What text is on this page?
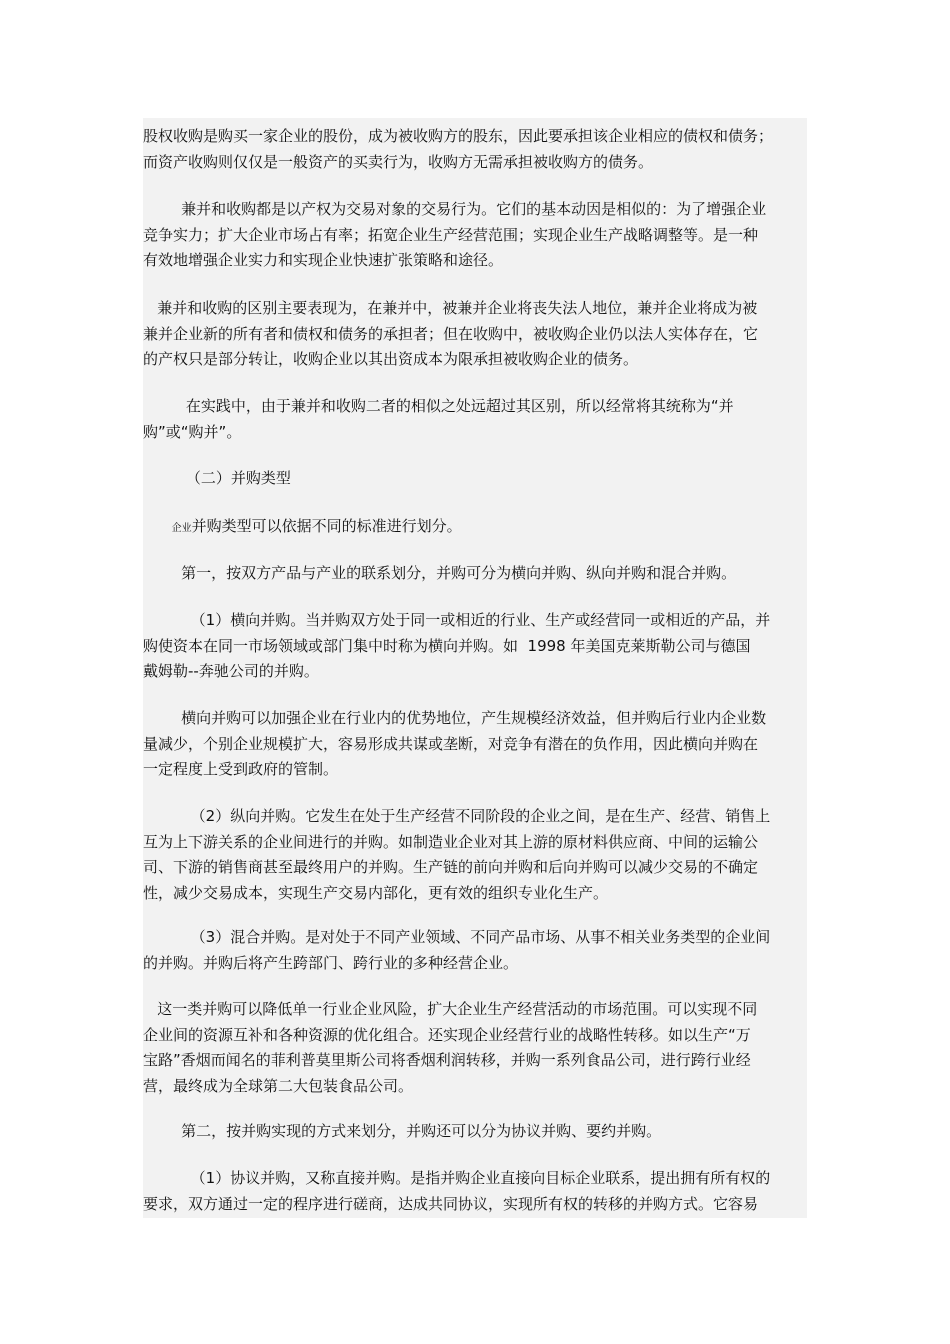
股权收购是购买一家企业的股份，成为被收购方的股东，因此要承担该企业相应的债权和债务；
而资产收购则仅仅是一般资产的买卖行为，收购方无需承担被收购方的债务。
兼并和收购都是以产权为交易对象的交易行为。它们的基本动因是相似的：为了增强企业
竞争实力；扩大企业市场占有率；拓宽企业生产经营范围；实现企业生产战略调整等。是一种
有效地增强企业实力和实现企业快速扩张策略和途径。
兼并和收购的区别主要表现为，在兼并中，被兼并企业将丧失法人地位，兼并企业将成为被
兼并企业新的所有者和债权和债务的承担者；但在收购中，被收购企业仍以法人实体存在，它
的产权只是部分转让，收购企业以其出资成本为限承担被收购企业的债务。
在实践中，由于兼并和收购二者的相似之处远超过其区别，所以经常将其统称为“并
购”或“购并”。
（二）并购类型
企业并购类型可以依据不同的标准进行划分。
第一，按双方产品与产业的联系划分，并购可分为横向并购、纵向并购和混合并购。
（1）横向并购。当并购双方处于同一或相近的行业、生产或经营同一或相近的产品，并
购使资本在同一市场领域或部门集中时称为横向并购。如  1998 年美国克莱斯勒公司与德国
戴姆勒--奔驰公司的并购。
横向并购可以加强企业在行业内的优势地位，产生规模经济效益，但并购后行业内企业数
量减少，个别企业规模扩大，容易形成共谋或垄断，对竞争有潜在的负作用，因此横向并购在
一定程度上受到政府的管制。
（2）纵向并购。它发生在处于生产经营不同阶段的企业之间，是在生产、经营、销售上
互为上下游关系的企业间进行的并购。如制造业企业对其上游的原材料供应商、中间的运输公
司、下游的销售商甚至最终用户的并购。生产链的前向并购和后向并购可以减少交易的不确定
性，减少交易成本，实现生产交易内部化，更有效的组织专业化生产。
（3）混合并购。是对处于不同产业领域、不同产品市场、从事不相关业务类型的企业间
的并购。并购后将产生跨部门、跨行业的多种经营企业。
这一类并购可以降低单一行业企业风险，扩大企业生产经营活动的市场范围。可以实现不同
企业间的资源互补和各种资源的优化组合。还实现企业经营行业的战略性转移。如以生产“万
宝路”香烟而闻名的菲利普莫里斯公司将香烟利润转移，并购一系列食品公司，进行跨行业经
营，最终成为全球第二大包装食品公司。
第二，按并购实现的方式来划分，并购还可以分为协议并购、要约并购。
（1）协议并购，又称直接并购。是指并购企业直接向目标企业联系，提出拥有所有权的
要求，双方通过一定的程序进行磋商，达成共同协议，实现所有权的转移的并购方式。它容易
